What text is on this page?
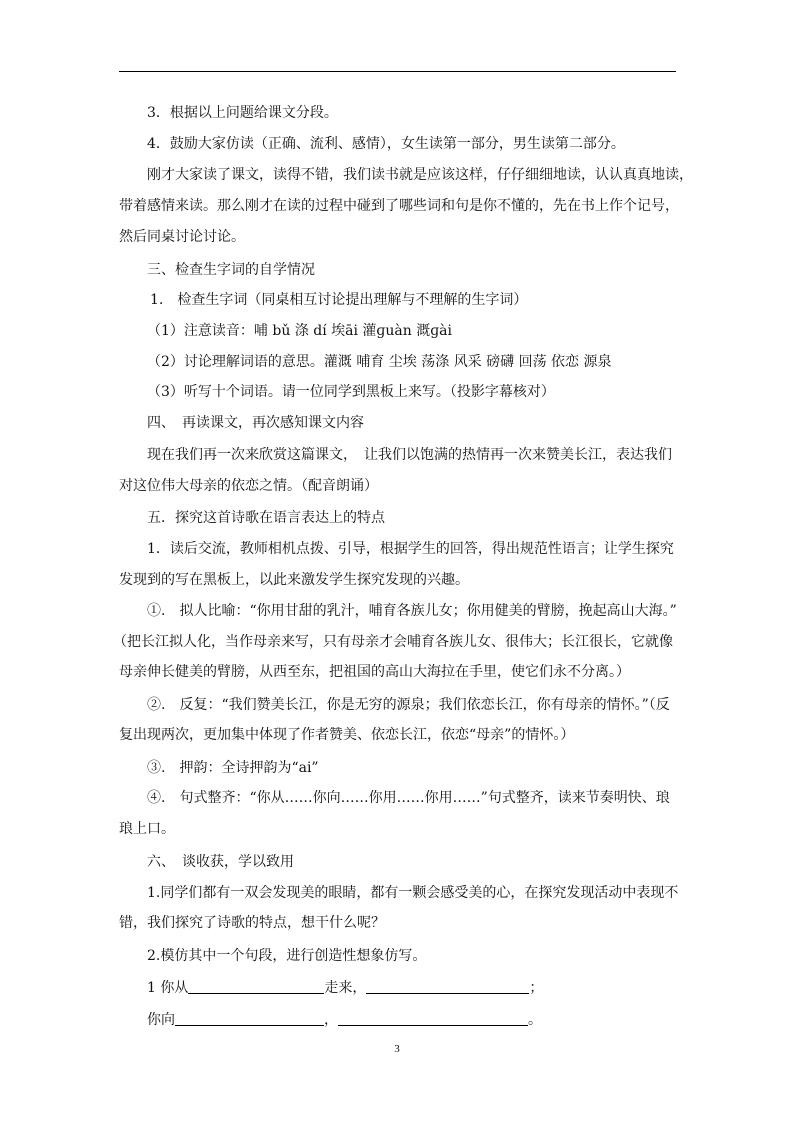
3．根据以上问题给课文分段。
4．鼓励大家仿读（正确、流利、感情），女生读第一部分，男生读第二部分。
刚才大家读了课文，读得不错，我们读书就是应该这样，仔仔细细地读，认认真真地读，
带着感情来读。那么刚才在读的过程中碰到了哪些词和句是你不懂的，先在书上作个记号，
然后同桌讨论讨论。
三、检查生字词的自学情况
1.　检查生字词（同桌相互讨论提出理解与不理解的生字词）
（1）注意读音：哺 bǔ 涤 dí 埃āi 灌ɡuàn 溉ɡài
（2）讨论理解词语的意思。灌溉 哺育 尘埃 荡涤 风采 磅礴 回荡 依恋 源泉
（3）听写十个词语。请一位同学到黑板上来写。（投影字幕核对）
四、　再读课文，再次感知课文内容
现在我们再一次来欣赏这篇课文，　让我们以饱满的热情再一次来赞美长江，表达我们
对这位伟大母亲的依恋之情。（配音朗诵）
五．探究这首诗歌在语言表达上的特点
1．读后交流，教师相机点拨、引导，根据学生的回答，得出规范性语言；让学生探究
发现到的写在黑板上，以此来激发学生探究发现的兴趣。
①.　拟人比喻：“你用甘甜的乳汁，哺育各族儿女；你用健美的臂膀，挽起高山大海。”
（把长江拟人化，当作母亲来写，只有母亲才会哺育各族儿女、很伟大；长江很长，它就像
母亲伸长健美的臂膀，从西至东，把祖国的高山大海拉在手里，使它们永不分离。）
②.　反复：“我们赞美长江，你是无穷的源泉；我们依恋长江，你有母亲的情怀。”（反
复出现两次，更加集中体现了作者赞美、依恋长江，依恋“母亲”的情怀。）
③.　押韵：全诗押韵为“ai”
④.　句式整齐：“你从……你向……你用……你用……”句式整齐，读来节奏明快、琅
琅上口。
六、　谈收获，学以致用
1.同学们都有一双会发现美的眼睛，都有一颗会感受美的心，在探究发现活动中表现不
错，我们探究了诗歌的特点，想干什么呢？
2.模仿其中一个句段，进行创造性想象仿写。
1 你从	走来，	；
你向	，	。
3
